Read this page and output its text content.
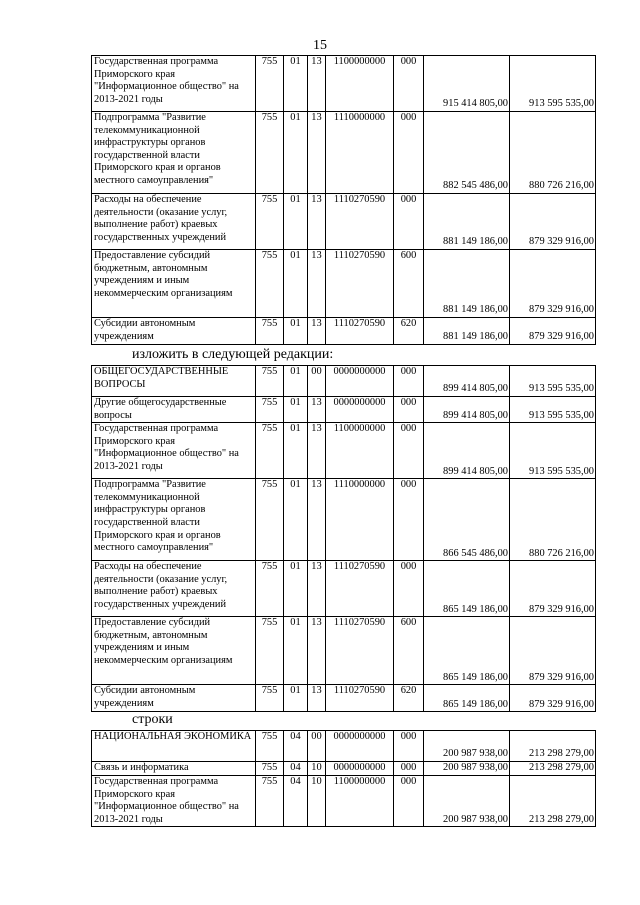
15
Государственная программа Приморского края "Информационное общество" на 2013-2021 годы	755	01	13	1100000000	000	915 414 805,00	913 595 535,00
Подпрограмма "Развитие телекоммуникационной инфраструктуры органов государственной власти Приморского края и органов местного самоуправления"	755	01	13	1110000000	000	882 545 486,00	880 726 216,00
Расходы на обеспечение деятельности (оказание услуг, выполнение работ) краевых государственных учреждений	755	01	13	1110270590	000	881 149 186,00	879 329 916,00
Предоставление субсидий бюджетным, автономным учреждениям и иным некоммерческим организациям	755	01	13	1110270590	600	881 149 186,00	879 329 916,00
Субсидии автономным учреждениям	755	01	13	1110270590	620	881 149 186,00	879 329 916,00
изложить в следующей редакции:
ОБЩЕГОСУДАРСТВЕННЫЕ ВОПРОСЫ	755	01	00	0000000000	000	899 414 805,00	913 595 535,00
Другие общегосударственные вопросы	755	01	13	0000000000	000	899 414 805,00	913 595 535,00
Государственная программа Приморского края "Информационное общество" на 2013-2021 годы	755	01	13	1100000000	000	899 414 805,00	913 595 535,00
Подпрограмма "Развитие телекоммуникационной инфраструктуры органов государственной власти Приморского края и органов местного самоуправления"	755	01	13	1110000000	000	866 545 486,00	880 726 216,00
Расходы на обеспечение деятельности (оказание услуг, выполнение работ) краевых государственных учреждений	755	01	13	1110270590	000	865 149 186,00	879 329 916,00
Предоставление субсидий бюджетным, автономным учреждениям и иным некоммерческим организациям	755	01	13	1110270590	600	865 149 186,00	879 329 916,00
Субсидии автономным учреждениям	755	01	13	1110270590	620	865 149 186,00	879 329 916,00
строки
НАЦИОНАЛЬНАЯ ЭКОНОМИКА	755	04	00	0000000000	000	200 987 938,00	213 298 279,00
Связь и информатика	755	04	10	0000000000	000	200 987 938,00	213 298 279,00
Государственная программа Приморского края "Информационное общество" на 2013-2021 годы	755	04	10	1100000000	000	200 987 938,00	213 298 279,00
